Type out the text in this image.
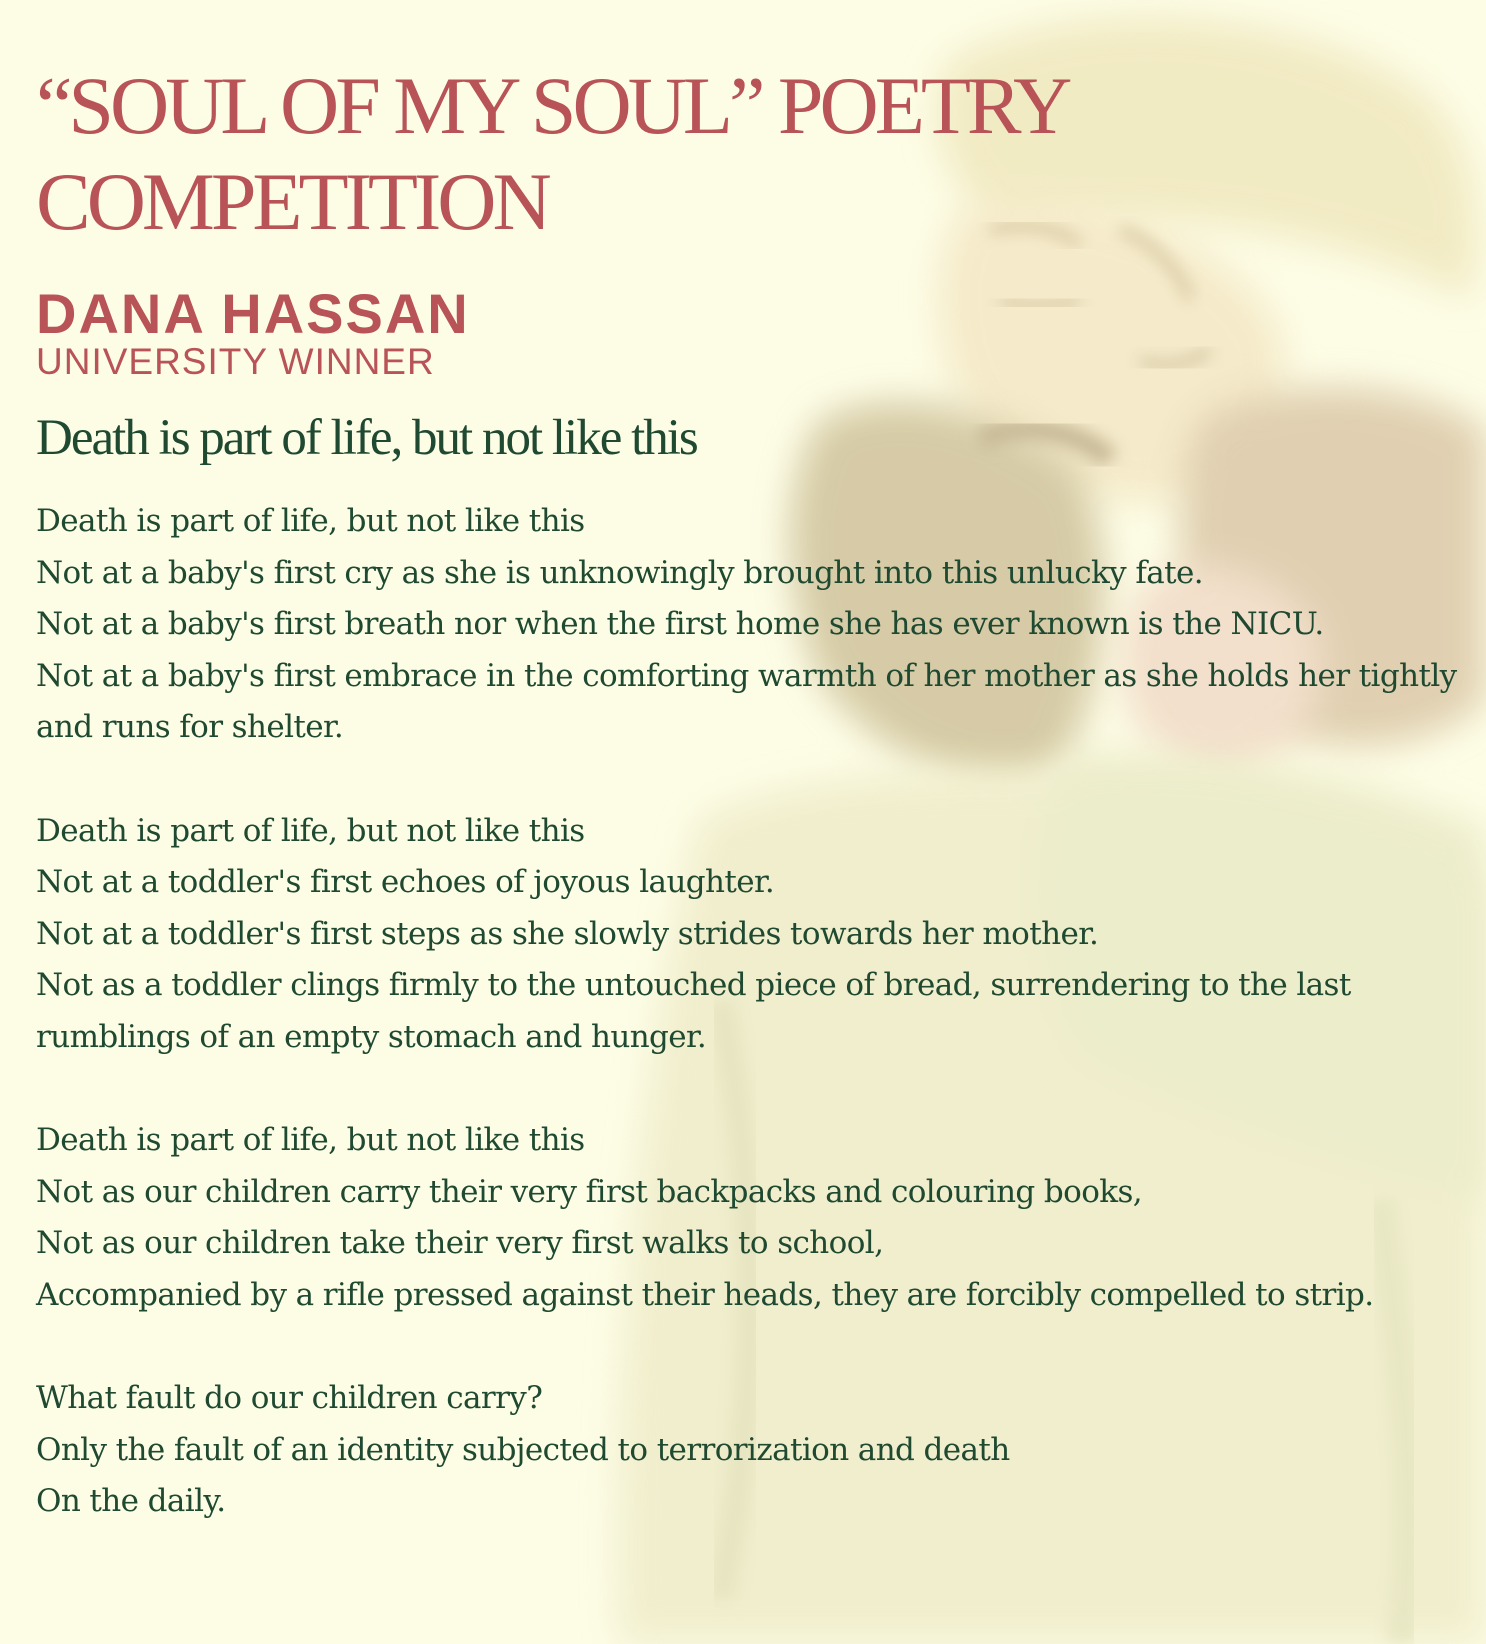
“SOUL OF MY SOUL” POETRY COMPETITION
DANA HASSAN
UNIVERSITY WINNER
Death is part of life, but not like this

Death is part of life, but not like this
Not at a baby's first cry as she is unknowingly brought into this unlucky fate.
Not at a baby's first breath nor when the first home she has ever known is the NICU.
Not at a baby's first embrace in the comforting warmth of her mother as she holds her tightly and runs for shelter.

Death is part of life, but not like this
Not at a toddler's first echoes of joyous laughter.
Not at a toddler's first steps as she slowly strides towards her mother.
Not as a toddler clings firmly to the untouched piece of bread, surrendering to the last rumblings of an empty stomach and hunger.

Death is part of life, but not like this
Not as our children carry their very first backpacks and colouring books,
Not as our children take their very first walks to school,
Accompanied by a rifle pressed against their heads, they are forcibly compelled to strip.

What fault do our children carry?
Only the fault of an identity subjected to terrorization and death
On the daily.
